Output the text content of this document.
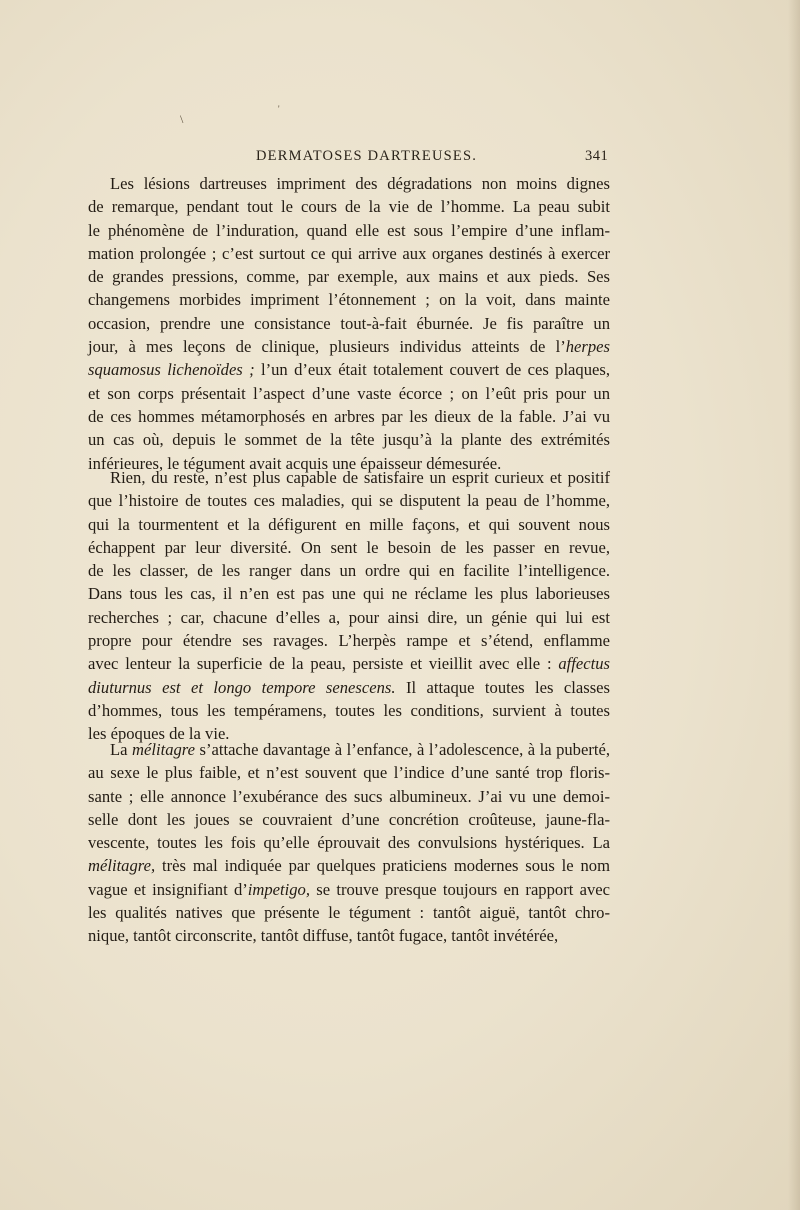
\
'
DERMATOSES DARTREUSES.	341
Les lésions dartreuses impriment des dégradations non moins dignes
de remarque, pendant tout le cours de la vie de l’homme. La peau subit
le phénomène de l’induration, quand elle est sous l’empire d’une inflam-
mation prolongée ; c’est surtout ce qui arrive aux organes destinés à exercer
de grandes pressions, comme, par exemple, aux mains et aux pieds. Ses
changemens morbides impriment l’étonnement ; on la voit, dans mainte
occasion, prendre une consistance tout-à-fait éburnée. Je fis paraître un
jour, à mes leçons de clinique, plusieurs individus atteints de l’herpes
squamosus lichenoïdes ; l’un d’eux était totalement couvert de ces plaques,
et son corps présentait l’aspect d’une vaste écorce ; on l’eût pris pour un
de ces hommes métamorphosés en arbres par les dieux de la fable. J’ai vu
un cas où, depuis le sommet de la tête jusqu’à la plante des extrémités
inférieures, le tégument avait acquis une épaisseur démesurée.
Rien, du reste, n’est plus capable de satisfaire un esprit curieux et positif
que l’histoire de toutes ces maladies, qui se disputent la peau de l’homme,
qui la tourmentent et la défigurent en mille façons, et qui souvent nous
échappent par leur diversité. On sent le besoin de les passer en revue,
de les classer, de les ranger dans un ordre qui en facilite l’intelligence.
Dans tous les cas, il n’en est pas une qui ne réclame les plus laborieuses
recherches ; car, chacune d’elles a, pour ainsi dire, un génie qui lui est
propre pour étendre ses ravages. L’herpès rampe et s’étend, enflamme
avec lenteur la superficie de la peau, persiste et vieillit avec elle : affectus
diuturnus est et longo tempore senescens. Il attaque toutes les classes
d’hommes, tous les tempéramens, toutes les conditions, survient à toutes
les époques de la vie.
La mélitagre s’attache davantage à l’enfance, à l’adolescence, à la puberté,
au sexe le plus faible, et n’est souvent que l’indice d’une santé trop floris-
sante ; elle annonce l’exubérance des sucs albumineux. J’ai vu une demoi-
selle dont les joues se couvraient d’une concrétion croûteuse, jaune-fla-
vescente, toutes les fois qu’elle éprouvait des convulsions hystériques. La
mélitagre, très mal indiquée par quelques praticiens modernes sous le nom
vague et insignifiant d’impetigo, se trouve presque toujours en rapport avec
les qualités natives que présente le tégument : tantôt aiguë, tantôt chro-
nique, tantôt circonscrite, tantôt diffuse, tantôt fugace, tantôt invétérée,
